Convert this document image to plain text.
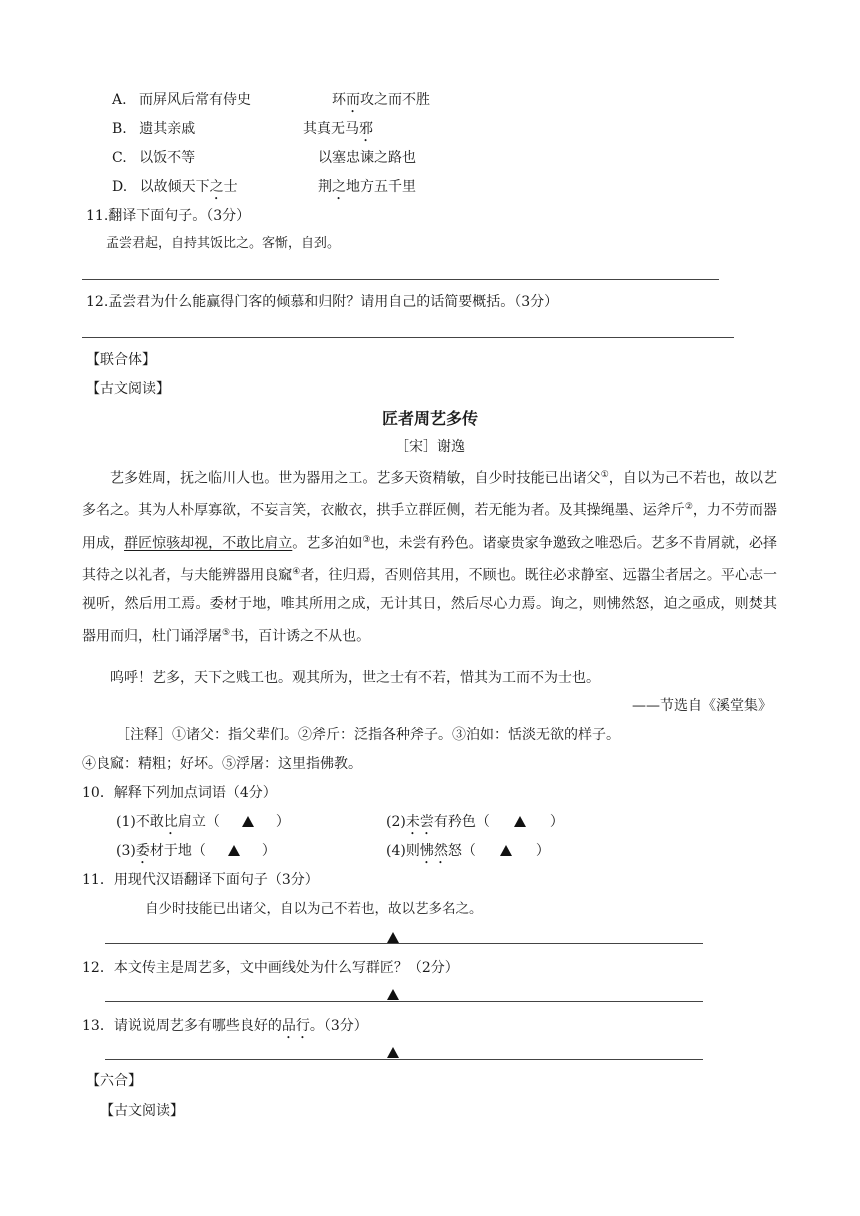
A. 而屏风后常有侍史	环而攻之而不胜
B. 遗其亲戚	其真无马邪
C. 以饭不等	以塞忠谏之路也
D. 以故倾天下之士	荆之地方五千里
11.翻译下面句子。（3分）
孟尝君起，自持其饭比之。客惭，自刭。
12.孟尝君为什么能赢得门客的倾慕和归附？请用自己的话简要概括。（3分）
【联合体】
【古文阅读】
匠者周艺多传
［宋］谢逸
艺多姓周，抚之临川人也。世为器用之工。艺多天资精敏，自少时技能已出诸父①，自以为己不若也，故以艺多名之。其为人朴厚寡欲，不妄言笑，衣敝衣，拱手立群匠侧，若无能为者。及其操绳墨、运斧斤②，力不劳而器用成，群匠惊骇却视，不敢比肩立。艺多泊如③也，未尝有矜色。诸豪贵家争邀致之唯恐后。艺多不肯屑就，必择其待之以礼者，与夫能辨器用良窳④者，往归焉，否则倍其用，不顾也。既往必求静室、远嚣尘者居之。平心志一视听，然后用工焉。委材于地，唯其所用之成，无计其日，然后尽心力焉。询之，则怫然怒，迫之亟成，则焚其器用而归，杜门诵浮屠⑤书，百计诱之不从也。
呜呼！艺多，天下之贱工也。观其所为，世之士有不若，惜其为工而不为士也。
——节选自《溪堂集》
［注释］①诸父：指父辈们。②斧斤：泛指各种斧子。③泊如：恬淡无欲的样子。
④良窳：精粗；好坏。⑤浮屠：这里指佛教。
10．解释下列加点词语（4分）
(1)不敢比肩立（	）	(2)未尝有矜色（	）
(3)委材于地（	）	(4)则怫然怒（	）
11．用现代汉语翻译下面句子（3分）
自少时技能已出诸父，自以为己不若也，故以艺多名之。
12．本文传主是周艺多，文中画线处为什么写群匠？（2分）
13．请说说周艺多有哪些良好的品行。（3分）
【六合】
【古文阅读】
